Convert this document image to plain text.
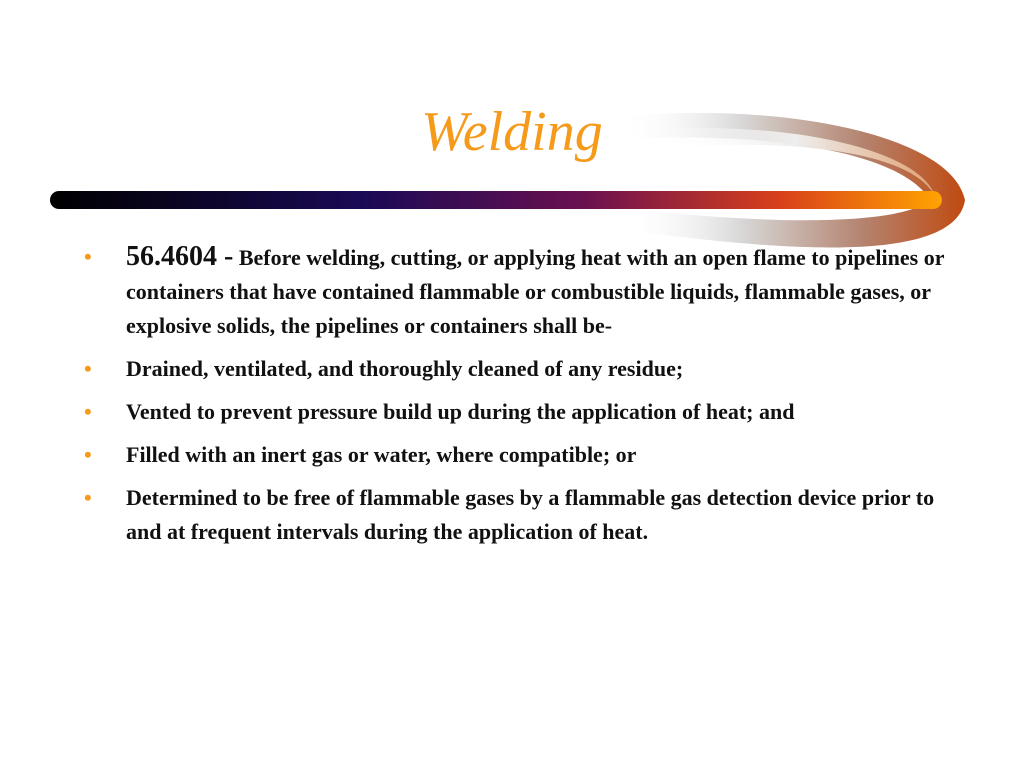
Welding
•	56.4604 - Before welding, cutting, or applying heat with an open flame to pipelines or containers that have contained flammable or combustible liquids, flammable gases, or explosive solids, the pipelines or containers shall be-
•	Drained, ventilated, and thoroughly cleaned of any residue;
•	Vented to prevent pressure build up during the application of heat; and
•	Filled with an inert gas or water, where compatible; or
•	Determined to be free of flammable gases by a flammable gas detection device prior to and at frequent intervals during the application of heat.
